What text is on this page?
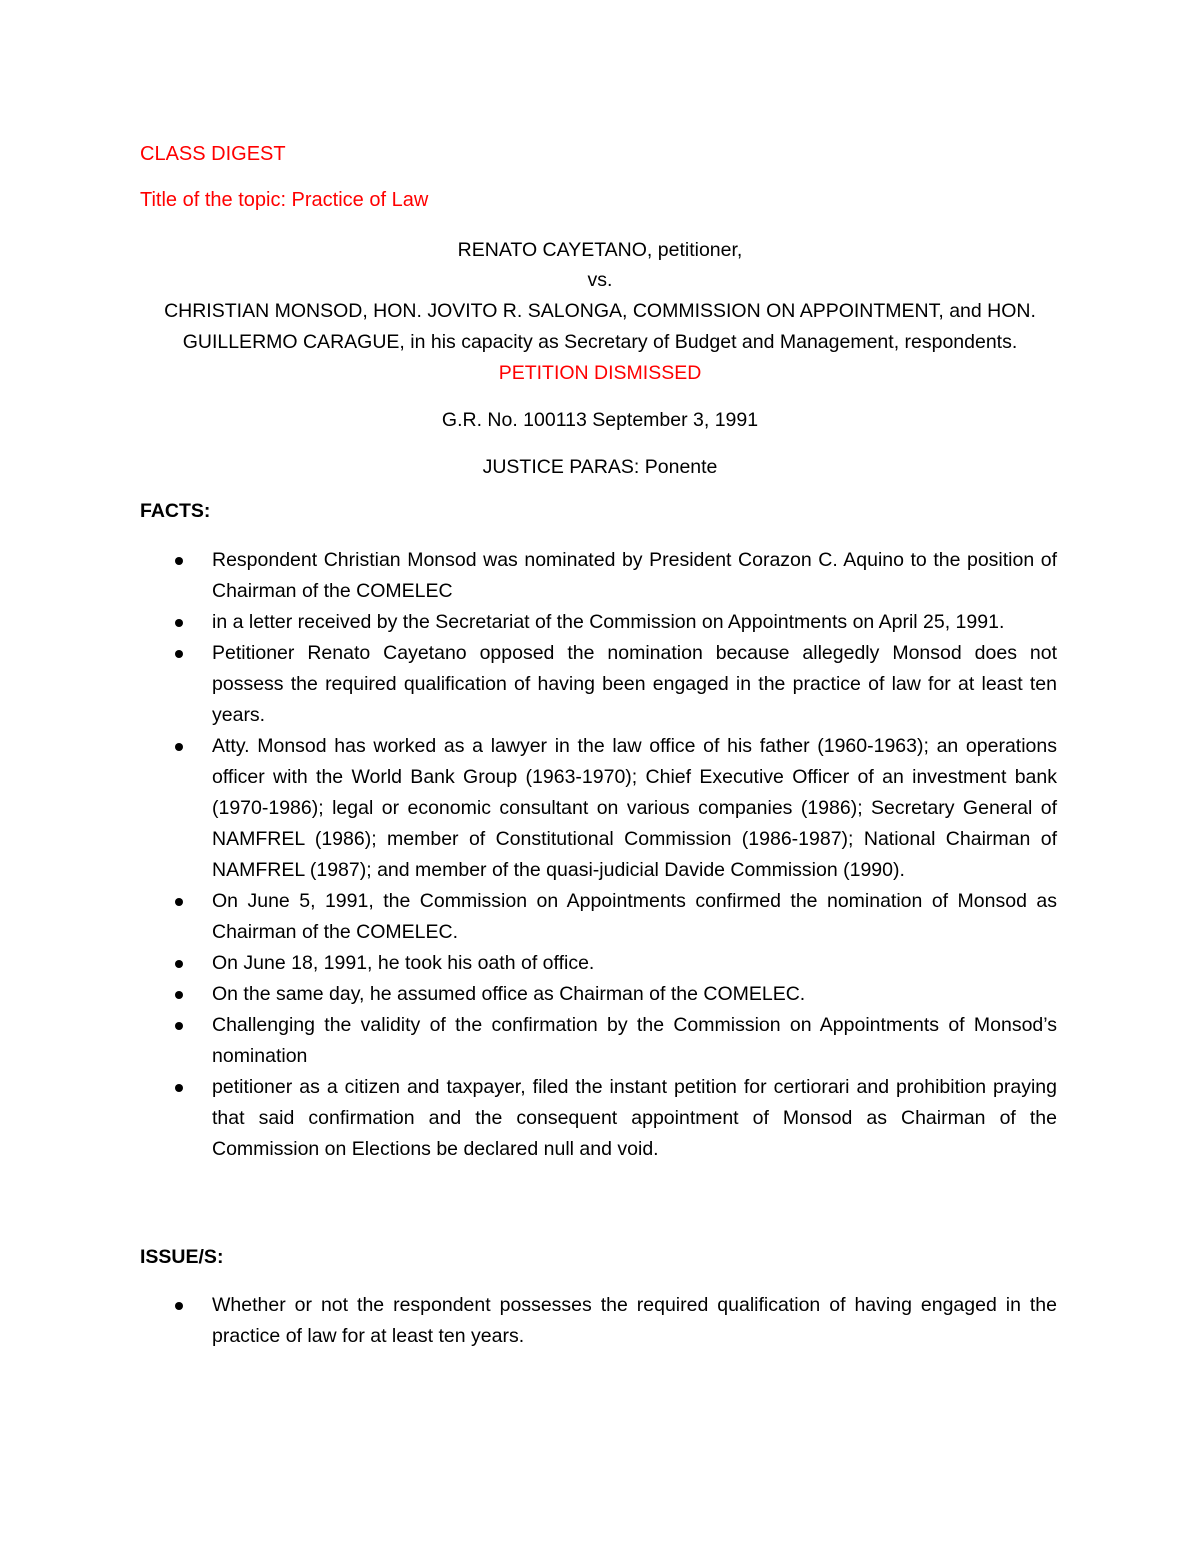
CLASS DIGEST
Title of the topic: Practice of Law
RENATO CAYETANO, petitioner,
vs.
CHRISTIAN MONSOD, HON. JOVITO R. SALONGA, COMMISSION ON APPOINTMENT, and HON.
GUILLERMO CARAGUE, in his capacity as Secretary of Budget and Management, respondents.
PETITION DISMISSED
G.R. No. 100113 September 3, 1991
JUSTICE PARAS: Ponente
FACTS:
Respondent Christian Monsod was nominated by President Corazon C. Aquino to the position of Chairman of the COMELEC
in a letter received by the Secretariat of the Commission on Appointments on April 25, 1991.
Petitioner Renato Cayetano opposed the nomination because allegedly Monsod does not possess the required qualification of having been engaged in the practice of law for at least ten years.
Atty. Monsod has worked as a lawyer in the law office of his father (1960-1963); an operations officer with the World Bank Group (1963-1970); Chief Executive Officer of an investment bank (1970-1986); legal or economic consultant on various companies (1986); Secretary General of NAMFREL (1986); member of Constitutional Commission (1986-1987); National Chairman of NAMFREL (1987); and member of the quasi-judicial Davide Commission (1990).
On June 5, 1991, the Commission on Appointments confirmed the nomination of Monsod as Chairman of the COMELEC.
On June 18, 1991, he took his oath of office.
On the same day, he assumed office as Chairman of the COMELEC.
Challenging the validity of the confirmation by the Commission on Appointments of Monsod’s nomination
petitioner as a citizen and taxpayer, filed the instant petition for certiorari and prohibition praying that said confirmation and the consequent appointment of Monsod as Chairman of the Commission on Elections be declared null and void.
ISSUE/S:
Whether or not the respondent possesses the required qualification of having engaged in the practice of law for at least ten years.
